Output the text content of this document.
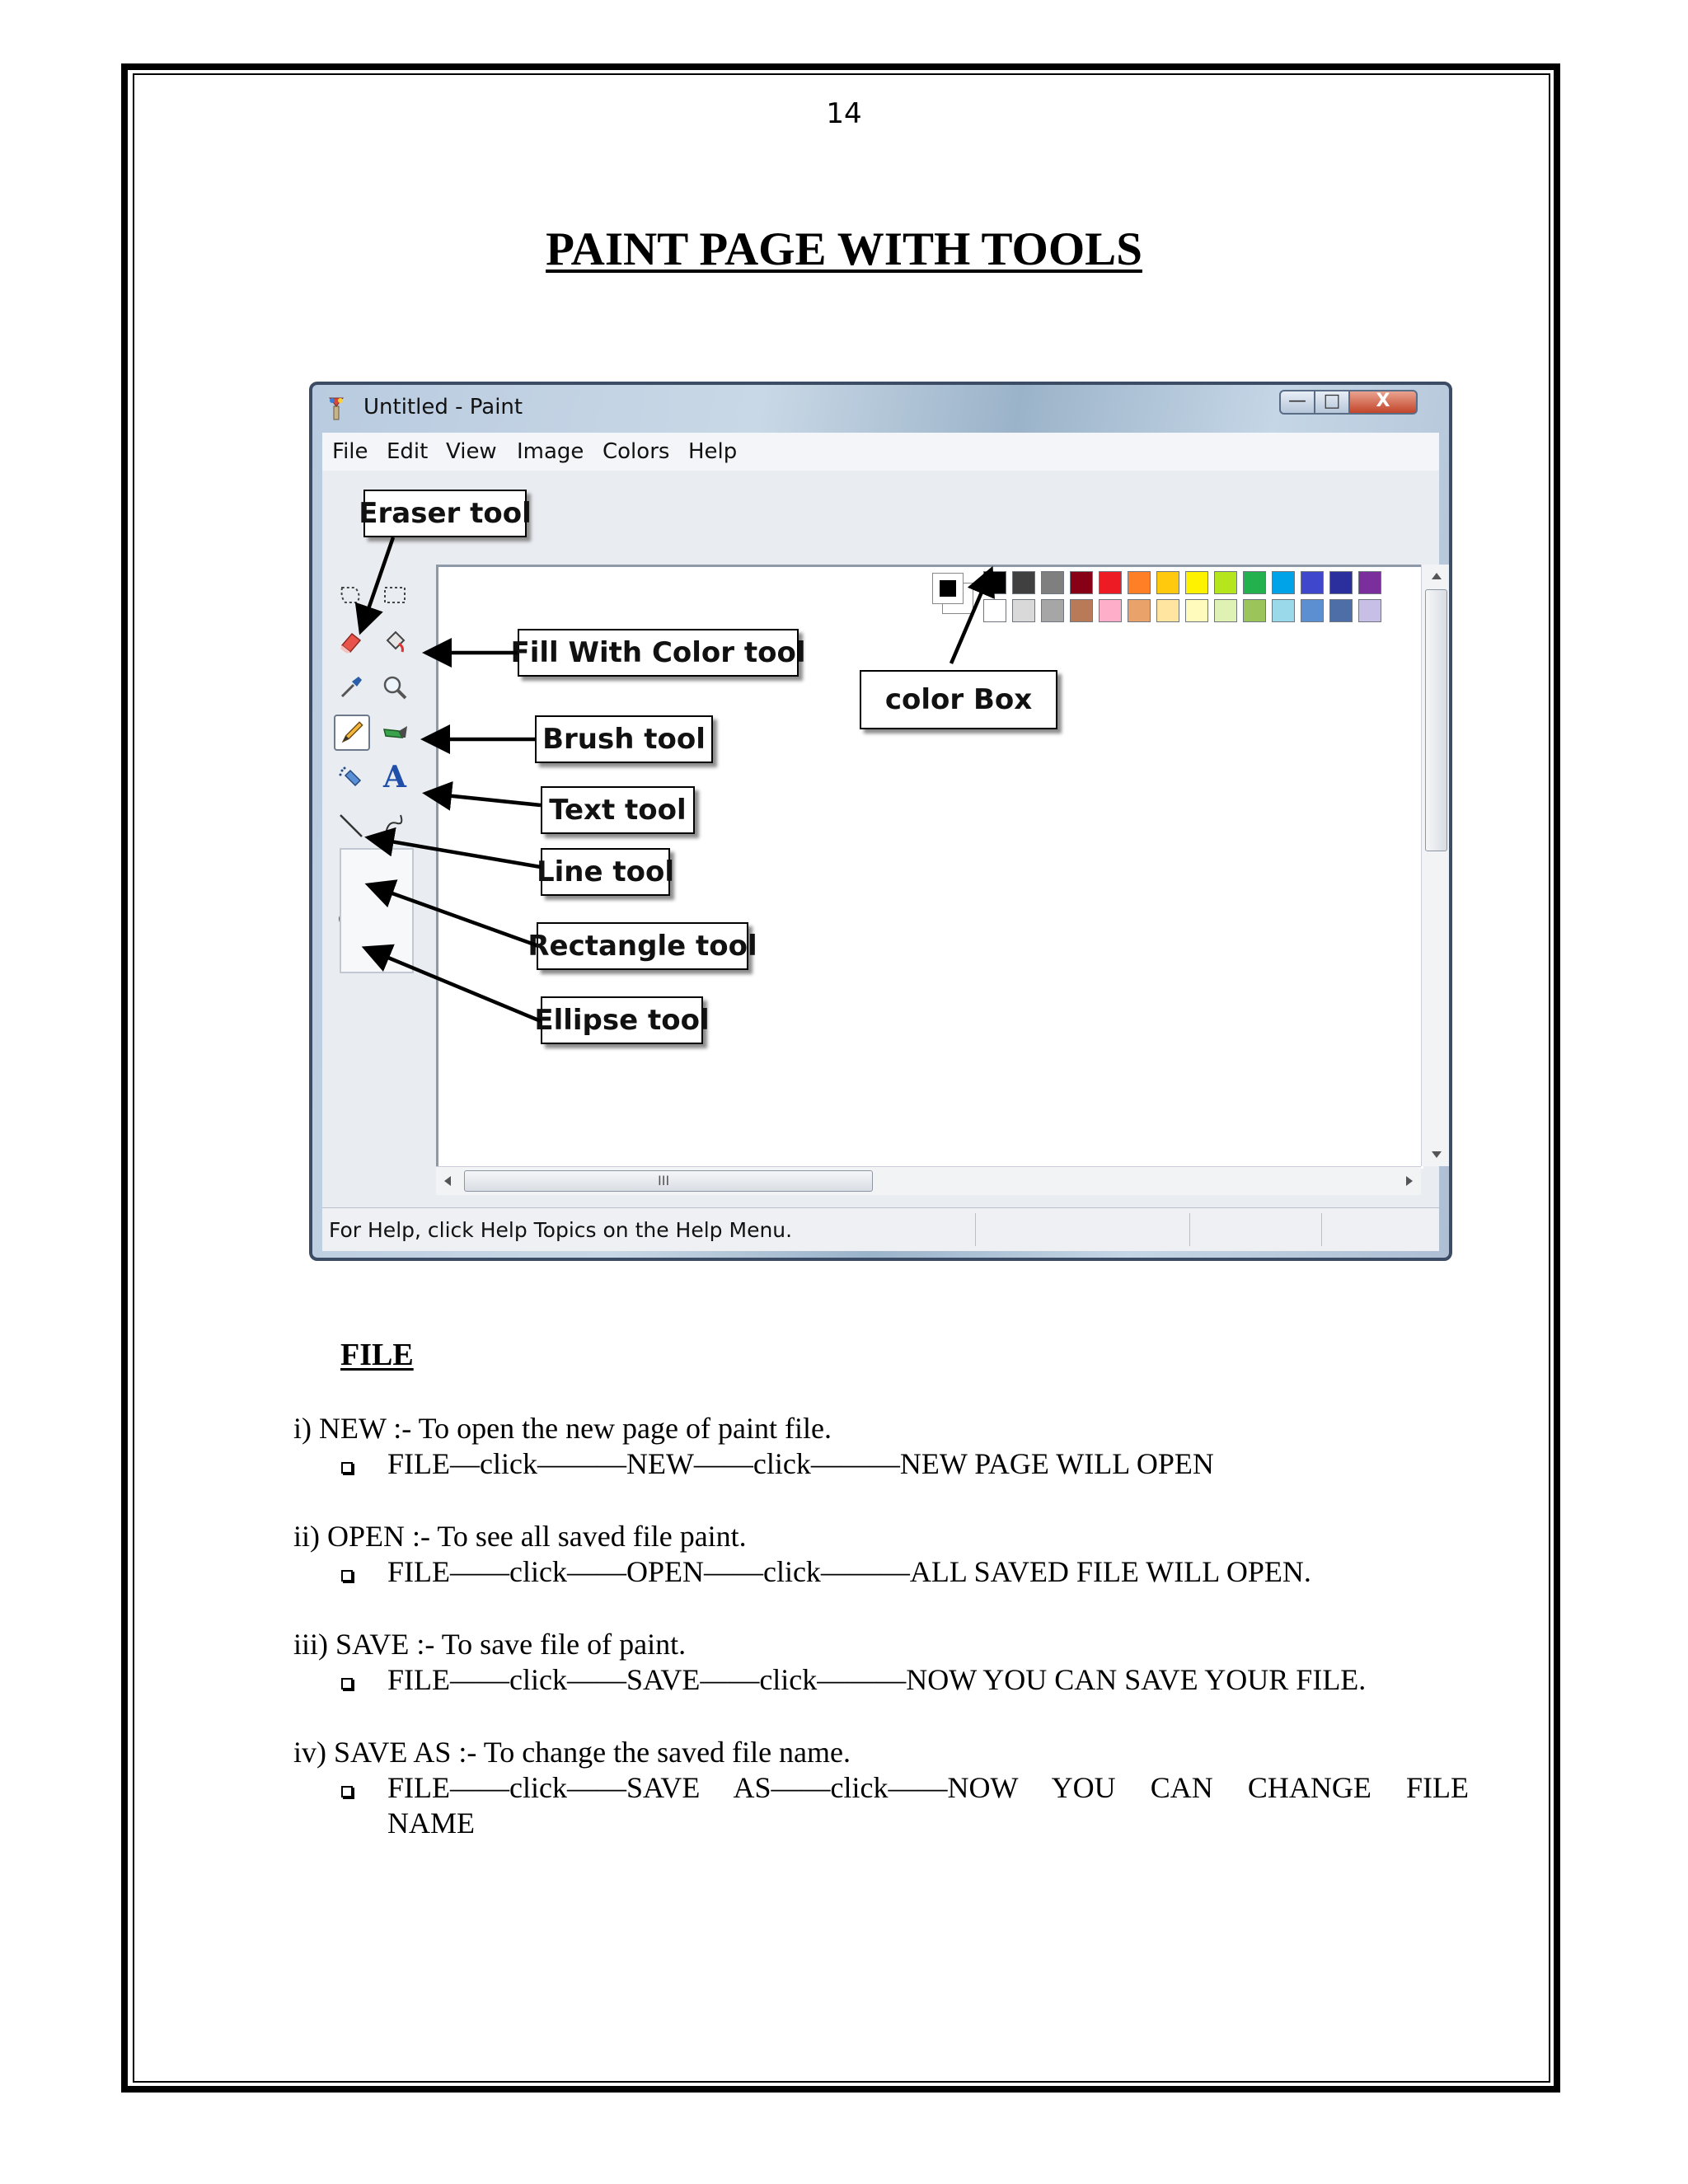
14
PAINT PAGE WITH TOOLS
Untitled - Paint	— □	X
File Edit View Image Colors Help
III
For Help, click Help Topics on the Help Menu.
A
Eraser tool
Fill With Color tool
Brush tool
Text tool
Line tool
Rectangle tool
Ellipse tool
color Box
FILE
i) NEW :- To open the new page of paint file.
FILE—click———NEW——click———NEW PAGE WILL OPEN
ii) OPEN :- To see all saved file paint.
FILE——click——OPEN——click———ALL SAVED FILE WILL OPEN.
iii) SAVE :- To save file of paint.
FILE——click——SAVE——click———NOW YOU CAN SAVE YOUR FILE.
iv) SAVE AS :- To change the saved file name.
FILE——click——SAVE AS——click——NOW YOU CAN CHANGE FILE
NAME
